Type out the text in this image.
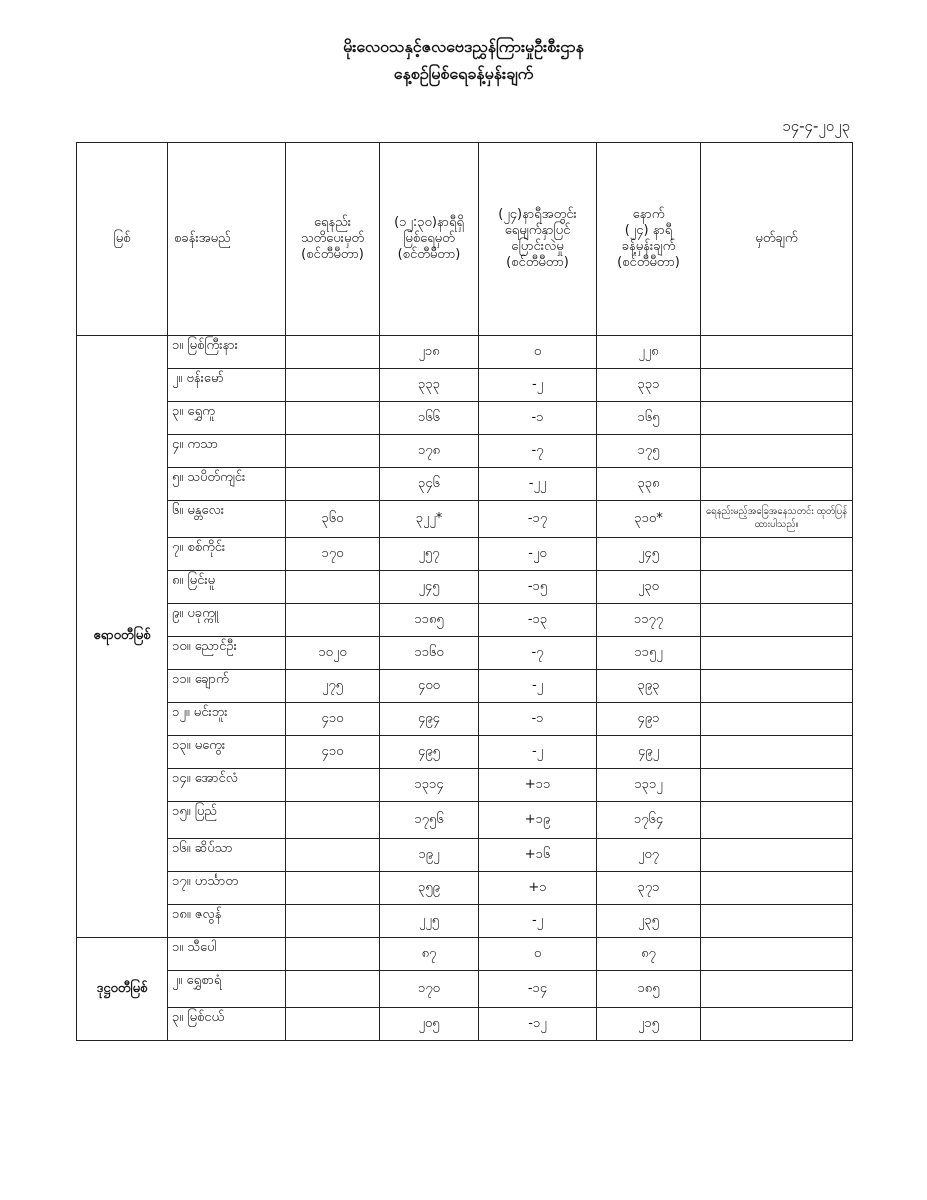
မိုးလေဝသနှင့်ဇလဗေဒညွှန်ကြားမှုဦးစီးဌာန
နေ့စဉ်မြစ်ရေခန့်မှန်းချက်
၁၄-၄-၂၀၂၃
မြစ်	စခန်းအမည်	ရေနည်း
သတိပေးမှတ်
(စင်တီမီတာ)	(၁၂:၃၀)နာရီရှိ
မြစ်ရေမှတ်
(စင်တီမီတာ)	(၂၄)နာရီအတွင်း
ရေမျက်နှာပြင်
ပြောင်းလဲမှု
(စင်တီမီတာ)	နောက်
(၂၄) နာရီ
ခန့်မှန်းချက်
(စင်တီမီတာ)	မှတ်ချက်
ဧရာဝတီမြစ်	၁။ မြစ်ကြီးနား		၂၁၈	၀	၂၂၈	
	၂။ ဗန်းမော်		၃၃၃	-၂	၃၃၁	
	၃။ ရွှေကူ		၁၆၆	-၁	၁၆၅	
	၄။ ကသာ		၁၇၈	-၇	၁၇၅	
	၅။ သပိတ်ကျင်း		၃၄၆	-၂၂	၃၃၈	
	၆။ မန္တလေး	၃၆၀	၃၂၂*	-၁၇	၃၁၀*	ရေနည်းမည့်အခြေအနေသတင်း ထုတ်ပြန်ထားပါသည်။
	၇။ စစ်ကိုင်း	၁၇၀	၂၅၇	-၂၀	၂၄၅	
	၈။ မြင်းမူ		၂၄၅	-၁၅	၂၃၀	
	၉။ ပခုက္ကူ		၁၁၈၅	-၁၃	၁၁၇၇	
	၁၀။ ညောင်ဦး	၁၀၂၀	၁၁၆၀	-၇	၁၁၅၂	
	၁၁။ ချောက်	၂၇၅	၄၀၀	-၂	၃၉၃	
	၁၂။ မင်းဘူး	၄၁၀	၄၉၄	-၁	၄၉၁	
	၁၃။ မကွေး	၄၁၀	၄၉၅	-၂	၄၉၂	
	၁၄။ အောင်လံ		၁၃၁၄	+၁၁	၁၃၁၂	
	၁၅။ ပြည်		၁၇၅၆	+၁၉	၁၇၆၄	
	၁၆။ ဆိပ်သာ		၁၉၂	+၁၆	၂၀၇	
	၁၇။ ဟင်္သာတ		၃၅၉	+၁	၃၇၁	
	၁၈။ ဇလွန်		၂၂၅	-၂	၂၃၅	
ဒုဋ္ဌဝတီမြစ်	၁။ သီပေါ		၈၇	၀	၈၇	
	၂။ ရွှေစာရံ		၁၇၀	-၁၄	၁၈၅	
	၃။ မြစ်ငယ်		၂၀၅	-၁၂	၂၁၅	
